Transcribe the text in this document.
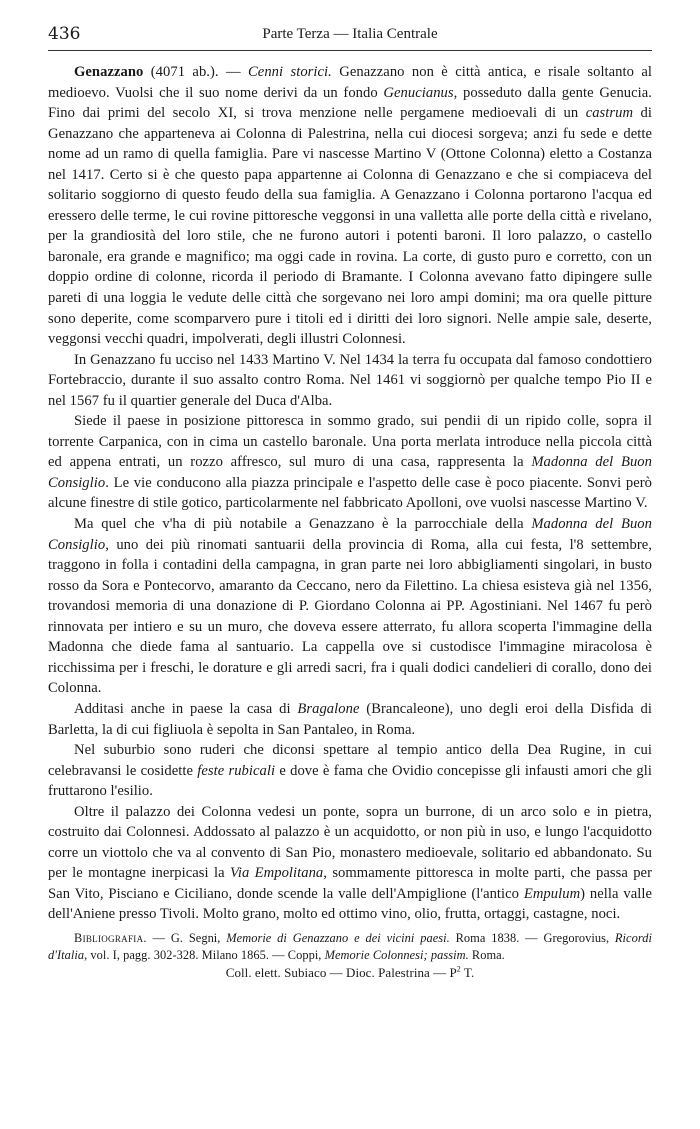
436	Parte Terza — Italia Centrale

Genazzano (4071 ab.). — Cenni storici. Genazzano non è città antica, e risale soltanto al medioevo. Vuolsi che il suo nome derivi da un fondo Genucianus, posseduto dalla gente Genucia. Fino dai primi del secolo XI, si trova menzione nelle pergamene medioevali di un castrum di Genazzano che apparteneva ai Colonna di Palestrina, nella cui diocesi sorgeva; anzi fu sede e dette nome ad un ramo di quella famiglia. Pare vi nascesse Martino V (Ottone Colonna) eletto a Costanza nel 1417. Certo si è che questo papa appartenne ai Colonna di Genazzano e che si compiaceva del solitario soggiorno di questo feudo della sua famiglia. A Genazzano i Colonna portarono l'acqua ed eressero delle terme, le cui rovine pittoresche veggonsi in una valletta alle porte della città e rivelano, per la grandiosità del loro stile, che ne furono autori i potenti baroni. Il loro palazzo, o castello baronale, era grande e magnifico; ma oggi cade in rovina. La corte, di gusto puro e corretto, con un doppio ordine di colonne, ricorda il periodo di Bramante. I Colonna avevano fatto dipingere sulle pareti di una loggia le vedute delle città che sorgevano nei loro ampi domini; ma ora quelle pitture sono deperite, come scomparvero pure i titoli ed i diritti dei loro signori. Nelle ampie sale, deserte, veggonsi vecchi quadri, impolverati, degli illustri Colonnesi.

In Genazzano fu ucciso nel 1433 Martino V. Nel 1434 la terra fu occupata dal famoso condottiero Fortebraccio, durante il suo assalto contro Roma. Nel 1461 vi soggiornò per qualche tempo Pio II e nel 1567 fu il quartier generale del Duca d'Alba.

Siede il paese in posizione pittoresca in sommo grado, sui pendii di un ripido colle, sopra il torrente Carpanica, con in cima un castello baronale. Una porta merlata introduce nella piccola città ed appena entrati, un rozzo affresco, sul muro di una casa, rappresenta la Madonna del Buon Consiglio. Le vie conducono alla piazza principale e l'aspetto delle case è poco piacente. Sonvi però alcune finestre di stile gotico, particolarmente nel fabbricato Apolloni, ove vuolsi nascesse Martino V.

Ma quel che v'ha di più notabile a Genazzano è la parrocchiale della Madonna del Buon Consiglio, uno dei più rinomati santuarii della provincia di Roma, alla cui festa, l'8 settembre, traggono in folla i contadini della campagna, in gran parte nei loro abbigliamenti singolari, in busto rosso da Sora e Pontecorvo, amaranto da Ceccano, nero da Filettino. La chiesa esisteva già nel 1356, trovandosi memoria di una donazione di P. Giordano Colonna ai PP. Agostiniani. Nel 1467 fu però rinnovata per intiero e su un muro, che doveva essere atterrato, fu allora scoperta l'immagine della Madonna che diede fama al santuario. La cappella ove si custodisce l'immagine miracolosa è ricchissima per i freschi, le dorature e gli arredi sacri, fra i quali dodici candelieri di corallo, dono dei Colonna.

Additasi anche in paese la casa di Bragalone (Brancaleone), uno degli eroi della Disfida di Barletta, la di cui figliuola è sepolta in San Pantaleo, in Roma.

Nel suburbio sono ruderi che diconsi spettare al tempio antico della Dea Rugine, in cui celebravansi le cosidette feste rubicali e dove è fama che Ovidio concepisse gli infausti amori che gli fruttarono l'esilio.

Oltre il palazzo dei Colonna vedesi un ponte, sopra un burrone, di un arco solo e in pietra, costruito dai Colonnesi. Addossato al palazzo è un acquidotto, or non più in uso, e lungo l'acquidotto corre un viottolo che va al convento di San Pio, monastero medioevale, solitario ed abbandonato. Su per le montagne inerpicasi la Via Empolitana, sommamente pittoresca in molte parti, che passa per San Vito, Pisciano e Ciciliano, donde scende la valle dell'Ampiglione (l'antico Empulum) nella valle dell'Aniene presso Tivoli. Molto grano, molto ed ottimo vino, olio, frutta, ortaggi, castagne, noci.

Bibliografia. — G. Segni, Memorie di Genazzano e dei vicini paesi. Roma 1838. — Gregorovius, Ricordi d'Italia, vol. I, pagg. 302-328. Milano 1865. — Coppi, Memorie Colonnesi; passim. Roma.

Coll. elett. Subiaco — Dioc. Palestrina — $P^2$ T.
